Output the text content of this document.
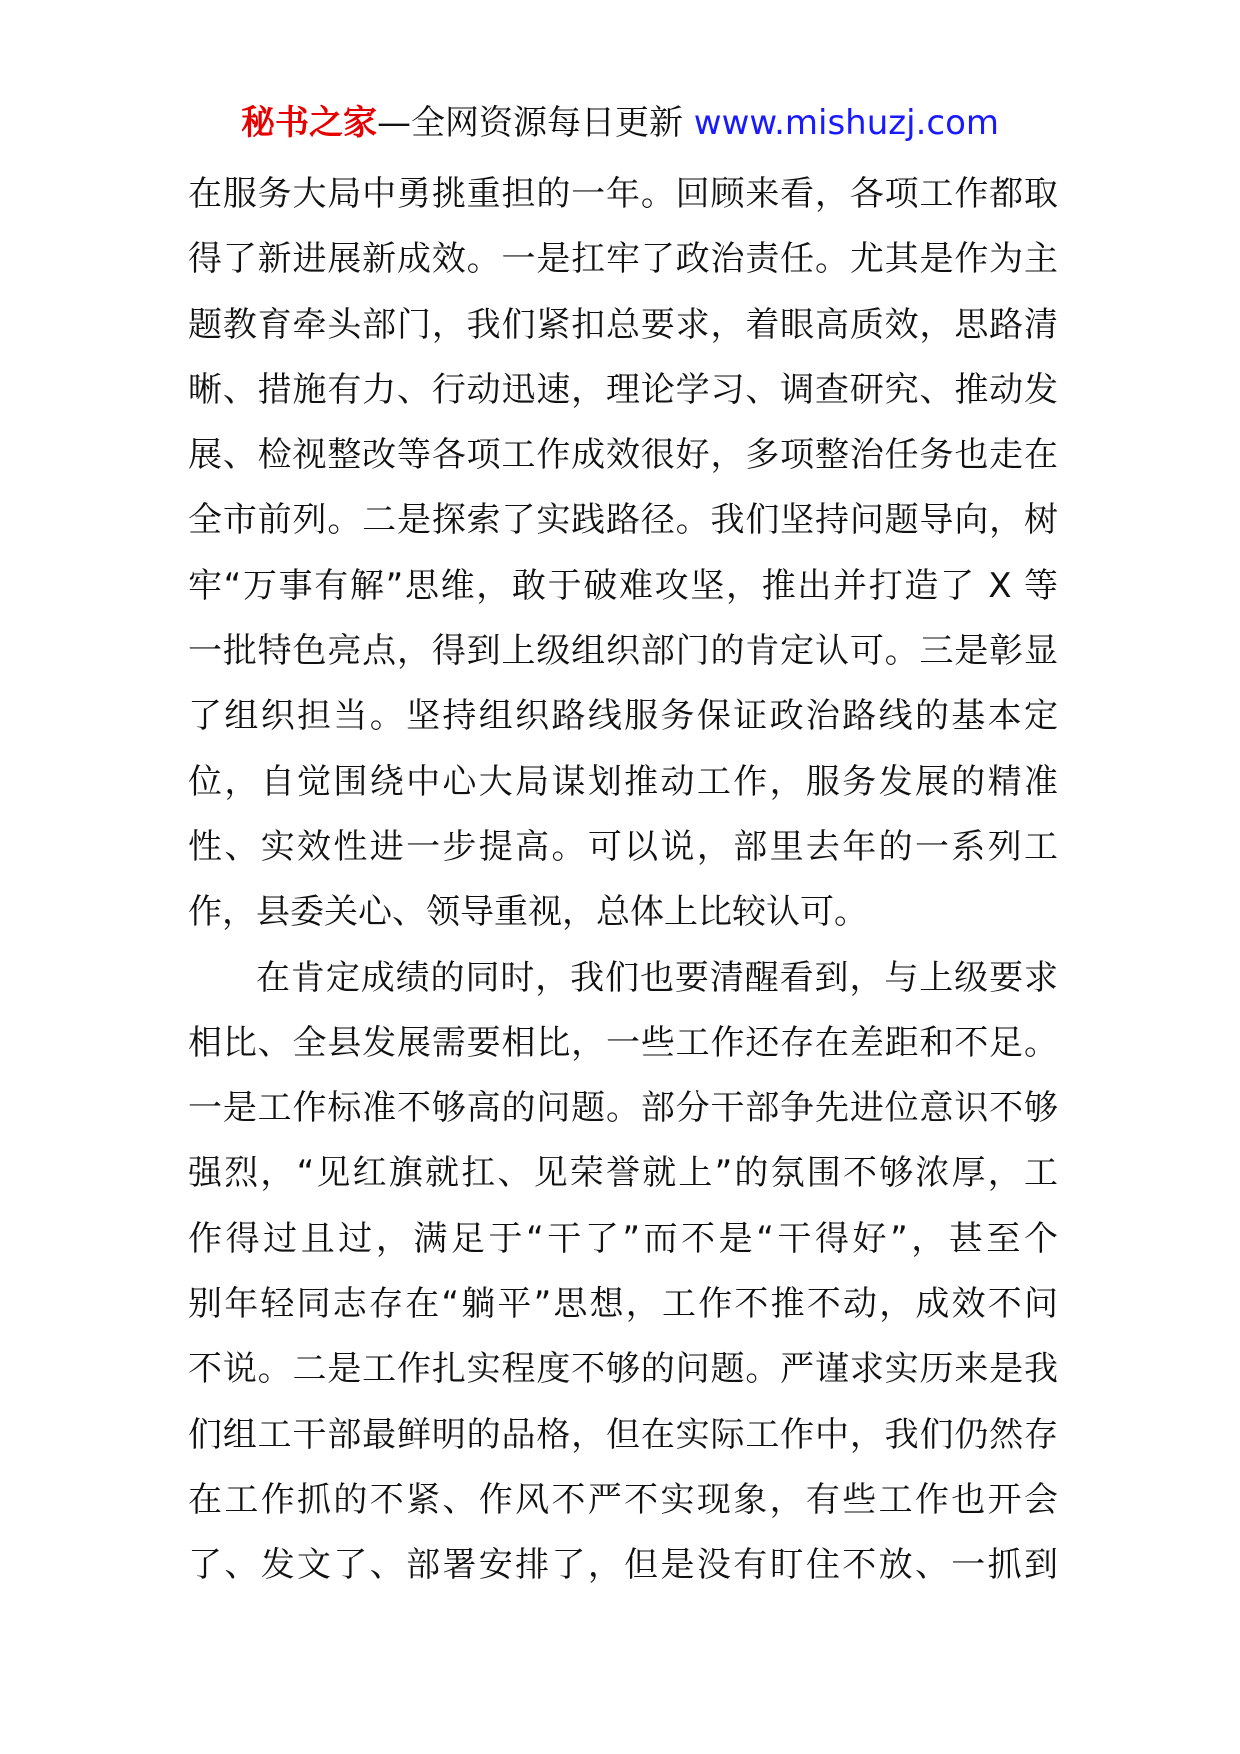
秘书之家—全网资源每日更新 www.mishuzj.com

在服务大局中勇挑重担的一年。回顾来看，各项工作都取
得了新进展新成效。一是扛牢了政治责任。尤其是作为主
题教育牵头部门，我们紧扣总要求，着眼高质效，思路清
晰、措施有力、行动迅速，理论学习、调查研究、推动发
展、检视整改等各项工作成效很好，多项整治任务也走在
全市前列。二是探索了实践路径。我们坚持问题导向，树
牢“万事有解”思维，敢于破难攻坚，推出并打造了 X 等
一批特色亮点，得到上级组织部门的肯定认可。三是彰显
了组织担当。坚持组织路线服务保证政治路线的基本定
位，自觉围绕中心大局谋划推动工作，服务发展的精准
性、实效性进一步提高。可以说，部里去年的一系列工
作，县委关心、领导重视，总体上比较认可。

在肯定成绩的同时，我们也要清醒看到，与上级要求
相比、全县发展需要相比，一些工作还存在差距和不足。
一是工作标准不够高的问题。部分干部争先进位意识不够
强烈，“见红旗就扛、见荣誉就上”的氛围不够浓厚，工
作得过且过，满足于“干了”而不是“干得好”，甚至个
别年轻同志存在“躺平”思想，工作不推不动，成效不问
不说。二是工作扎实程度不够的问题。严谨求实历来是我
们组工干部最鲜明的品格，但在实际工作中，我们仍然存
在工作抓的不紧、作风不严不实现象，有些工作也开会
了、发文了、部署安排了，但是没有盯住不放、一抓到
